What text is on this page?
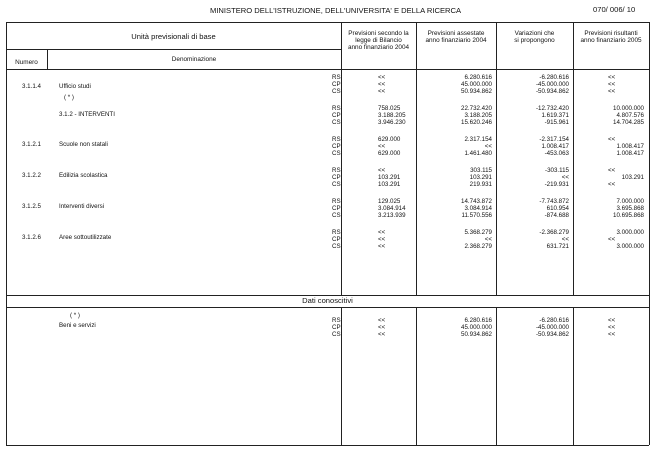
MINISTERO DELL'ISTRUZIONE, DELL'UNIVERSITA' E DELLA RICERCA	070/ 006/ 10
Unità previsionali di base
Numero	Denominazione
Previsioni secondo la
legge di Bilancio
anno finanziario 2004
Previsioni assestate
anno finanziario 2004
Variazioni che
si propongono
Previsioni risultanti
anno finanziario 2005
Dati conoscitivi
3.1.1.4	Ufficio studi
( * )
RS	<<	6.280.616	-6.280.616	<<
CP	<<	45.000.000	-45.000.000	<<
CS	<<	50.934.862	-50.934.862	<<
3.1.2 - INTERVENTI
RS	758.025	22.732.420	-12.732.420	10.000.000
CP	3.188.205	3.188.205	1.619.371	4.807.576
CS	3.946.230	15.620.246	-915.961	14.704.285
3.1.2.1	Scuole non statali
RS	629.000	2.317.154	-2.317.154	<<
CP	<<	<<	1.008.417	1.008.417
CS	629.000	1.461.480	-453.063	1.008.417
3.1.2.2	Edilizia scolastica
RS	<<	303.115	-303.115	<<
CP	103.291	103.291	<<	103.291
CS	103.291	219.931	-219.931	<<
3.1.2.5	Interventi diversi
RS	129.025	14.743.872	-7.743.872	7.000.000
CP	3.084.914	3.084.914	610.954	3.695.868
CS	3.213.939	11.570.556	-874.688	10.695.868
3.1.2.6	Aree sottoutilizzate
RS	<<	5.368.279	-2.368.279	3.000.000
CP	<<	<<	<<	<<
CS	<<	2.368.279	631.721	3.000.000
( * )
Beni e servizi
RS	<<	6.280.616	-6.280.616	<<
CP	<<	45.000.000	-45.000.000	<<
CS	<<	50.934.862	-50.934.862	<<
